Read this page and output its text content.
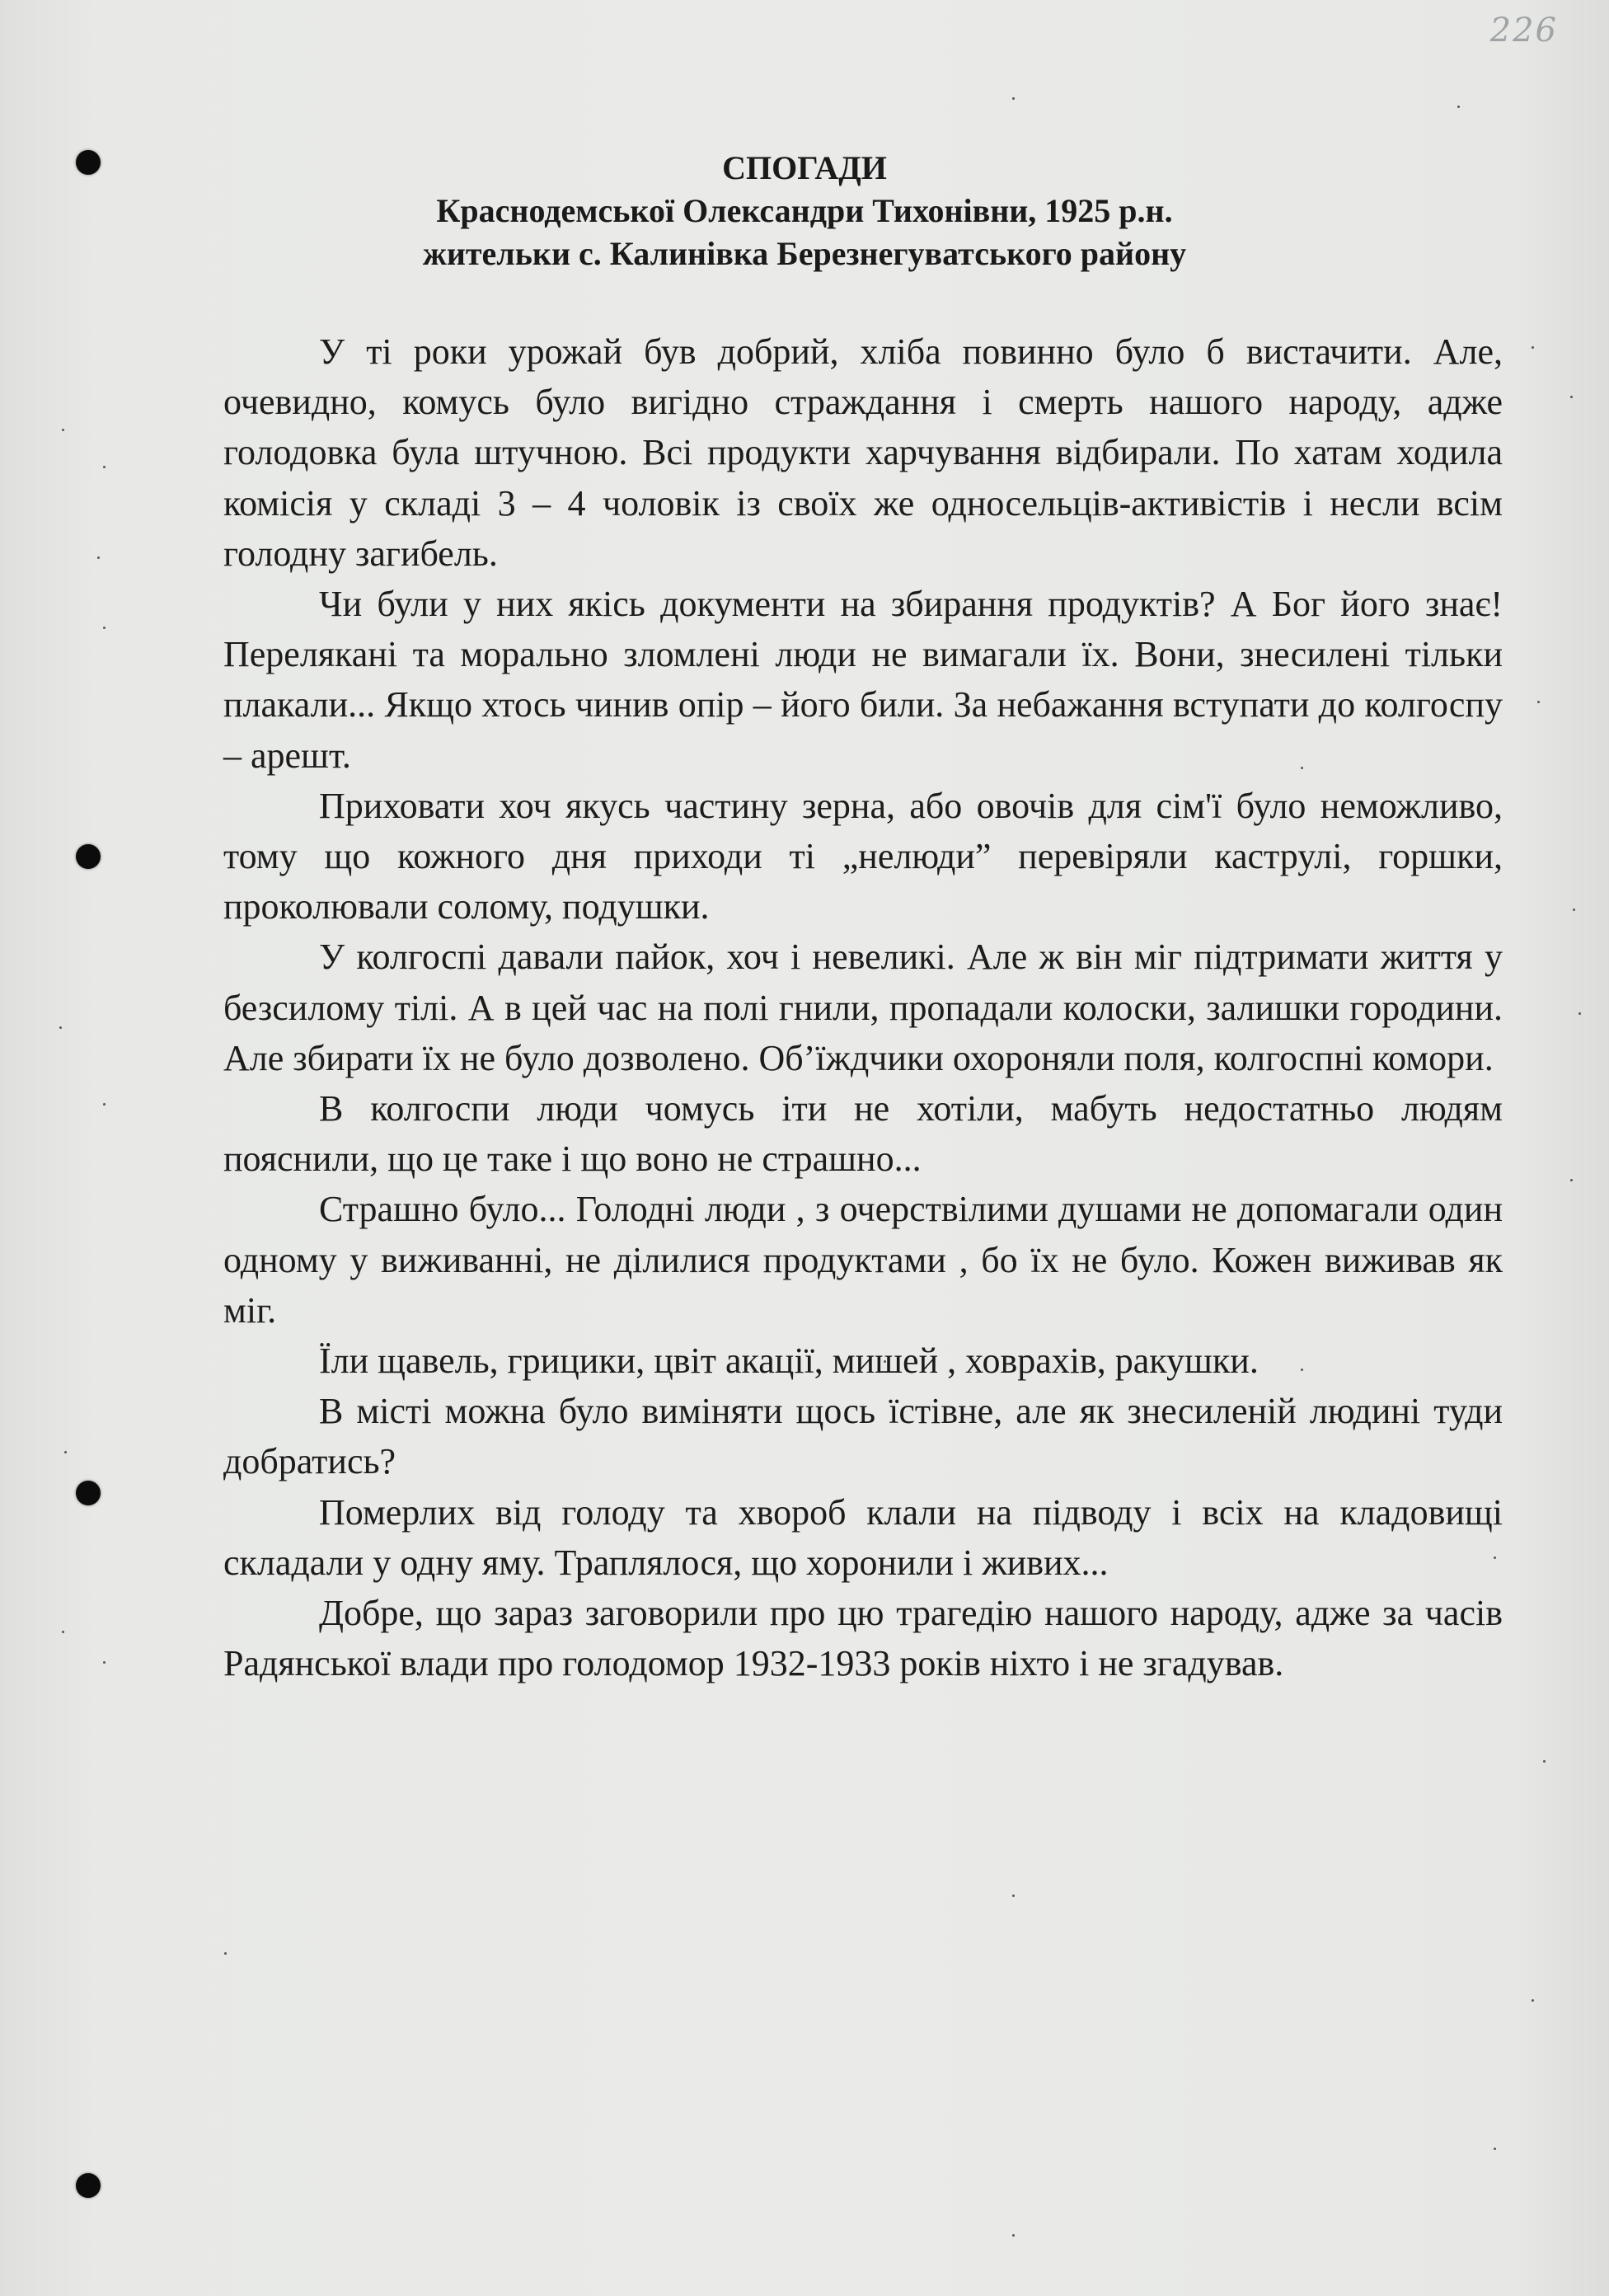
226
СПОГАДИ
Краснодемської Олександри Тихонівни, 1925 р.н.
жительки с. Калинівка Березнегуватського району

У ті роки урожай був добрий, хліба повинно було б вистачити. Але, очевидно, комусь було вигідно страждання і смерть нашого народу, адже голодовка була штучною. Всі продукти харчування відбирали. По хатам ходила комісія у складі 3 – 4 чоловік із своїх же односельців-активістів і несли всім голодну загибель.

Чи були у них якісь документи на збирання продуктів? А Бог його знає! Перелякані та морально зломлені люди не вимагали їх. Вони, знесилені тільки плакали... Якщо хтось чинив опір – його били. За небажання вступати до колгоспу – арешт.

Приховати хоч якусь частину зерна, або овочів для сім'ї було неможливо, тому що кожного дня приходи ті „нелюди” перевіряли каструлі, горшки, проколювали солому, подушки.

У колгоспі давали пайок, хоч і невеликі. Але ж він міг підтримати життя у безсилому тілі. А в цей час на полі гнили, пропадали колоски, залишки городини. Але збирати їх не було дозволено. Об’їждчики охороняли поля, колгоспні комори.

В колгоспи люди чомусь іти не хотіли, мабуть недостатньо людям пояснили, що це таке і що воно не страшно...

Страшно було... Голодні люди , з очерствілими душами не допомагали один одному у виживанні, не ділилися продуктами , бо їх не було. Кожен виживав як міг.

Їли щавель, грицики, цвіт акації, мишей , ховрахів, ракушки.

В місті можна було виміняти щось їстівне, але як знесиленій людині туди добратись?

Померлих від голоду та хвороб клали на підводу і всіх на кладовищі складали у одну яму. Траплялося, що хоронили і живих...

Добре, що зараз заговорили про цю трагедію нашого народу, адже за часів Радянської влади про голодомор 1932-1933 років ніхто і не згадував.
